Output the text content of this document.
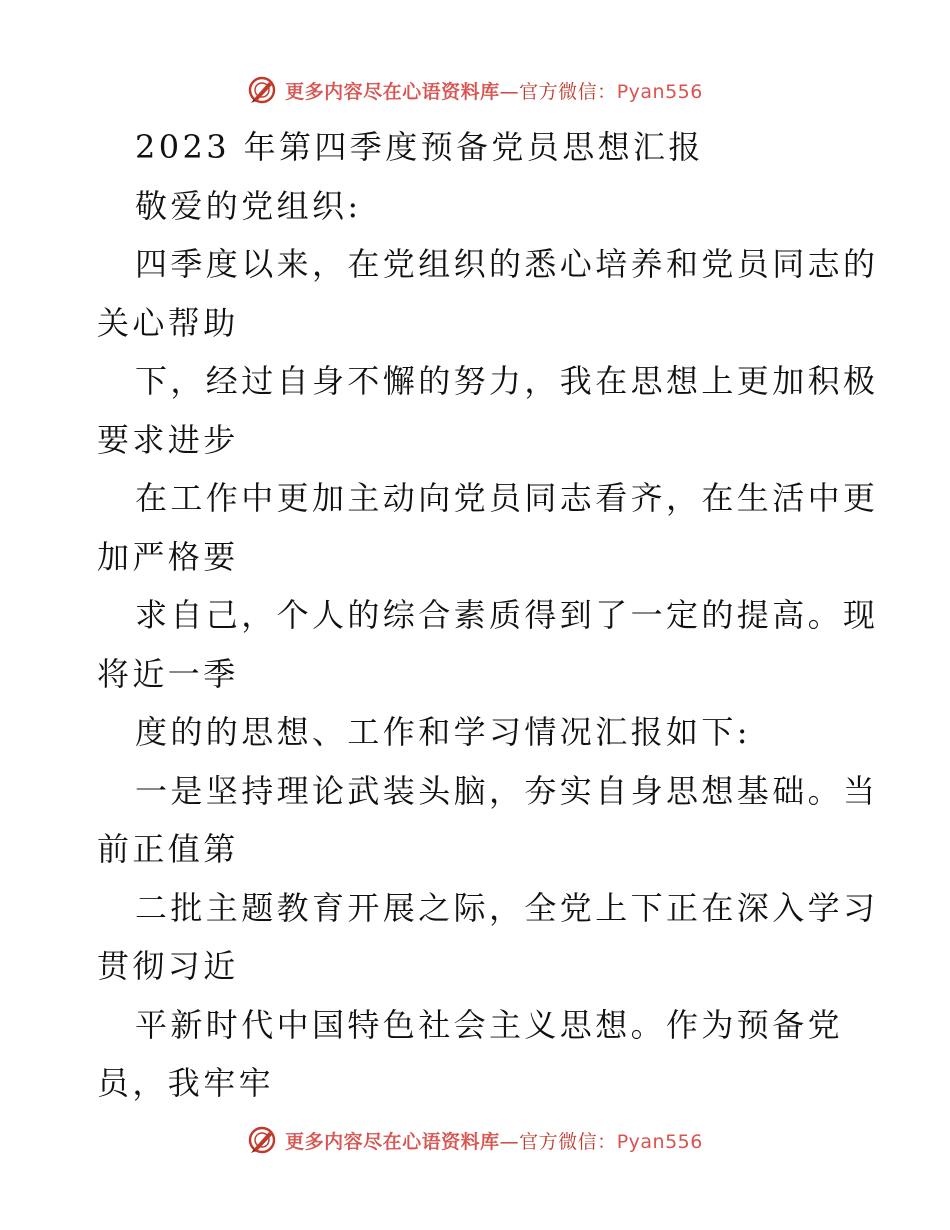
更多内容尽在心语资料库—官方微信：Pyan556
2023 年第四季度预备党员思想汇报
敬爱的党组织:
四季度以来，在党组织的悉心培养和党员同志的
关心帮助
下，经过自身不懈的努力，我在思想上更加积极
要求进步
在工作中更加主动向党员同志看齐，在生活中更
加严格要
求自己，个人的综合素质得到了一定的提高。现
将近一季
度的的思想、工作和学习情况汇报如下:
一是坚持理论武装头脑，夯实自身思想基础。当
前正值第
二批主题教育开展之际，全党上下正在深入学习
贯彻习近
平新时代中国特色社会主义思想。作为预备党
员，我牢牢
更多内容尽在心语资料库—官方微信：Pyan556
